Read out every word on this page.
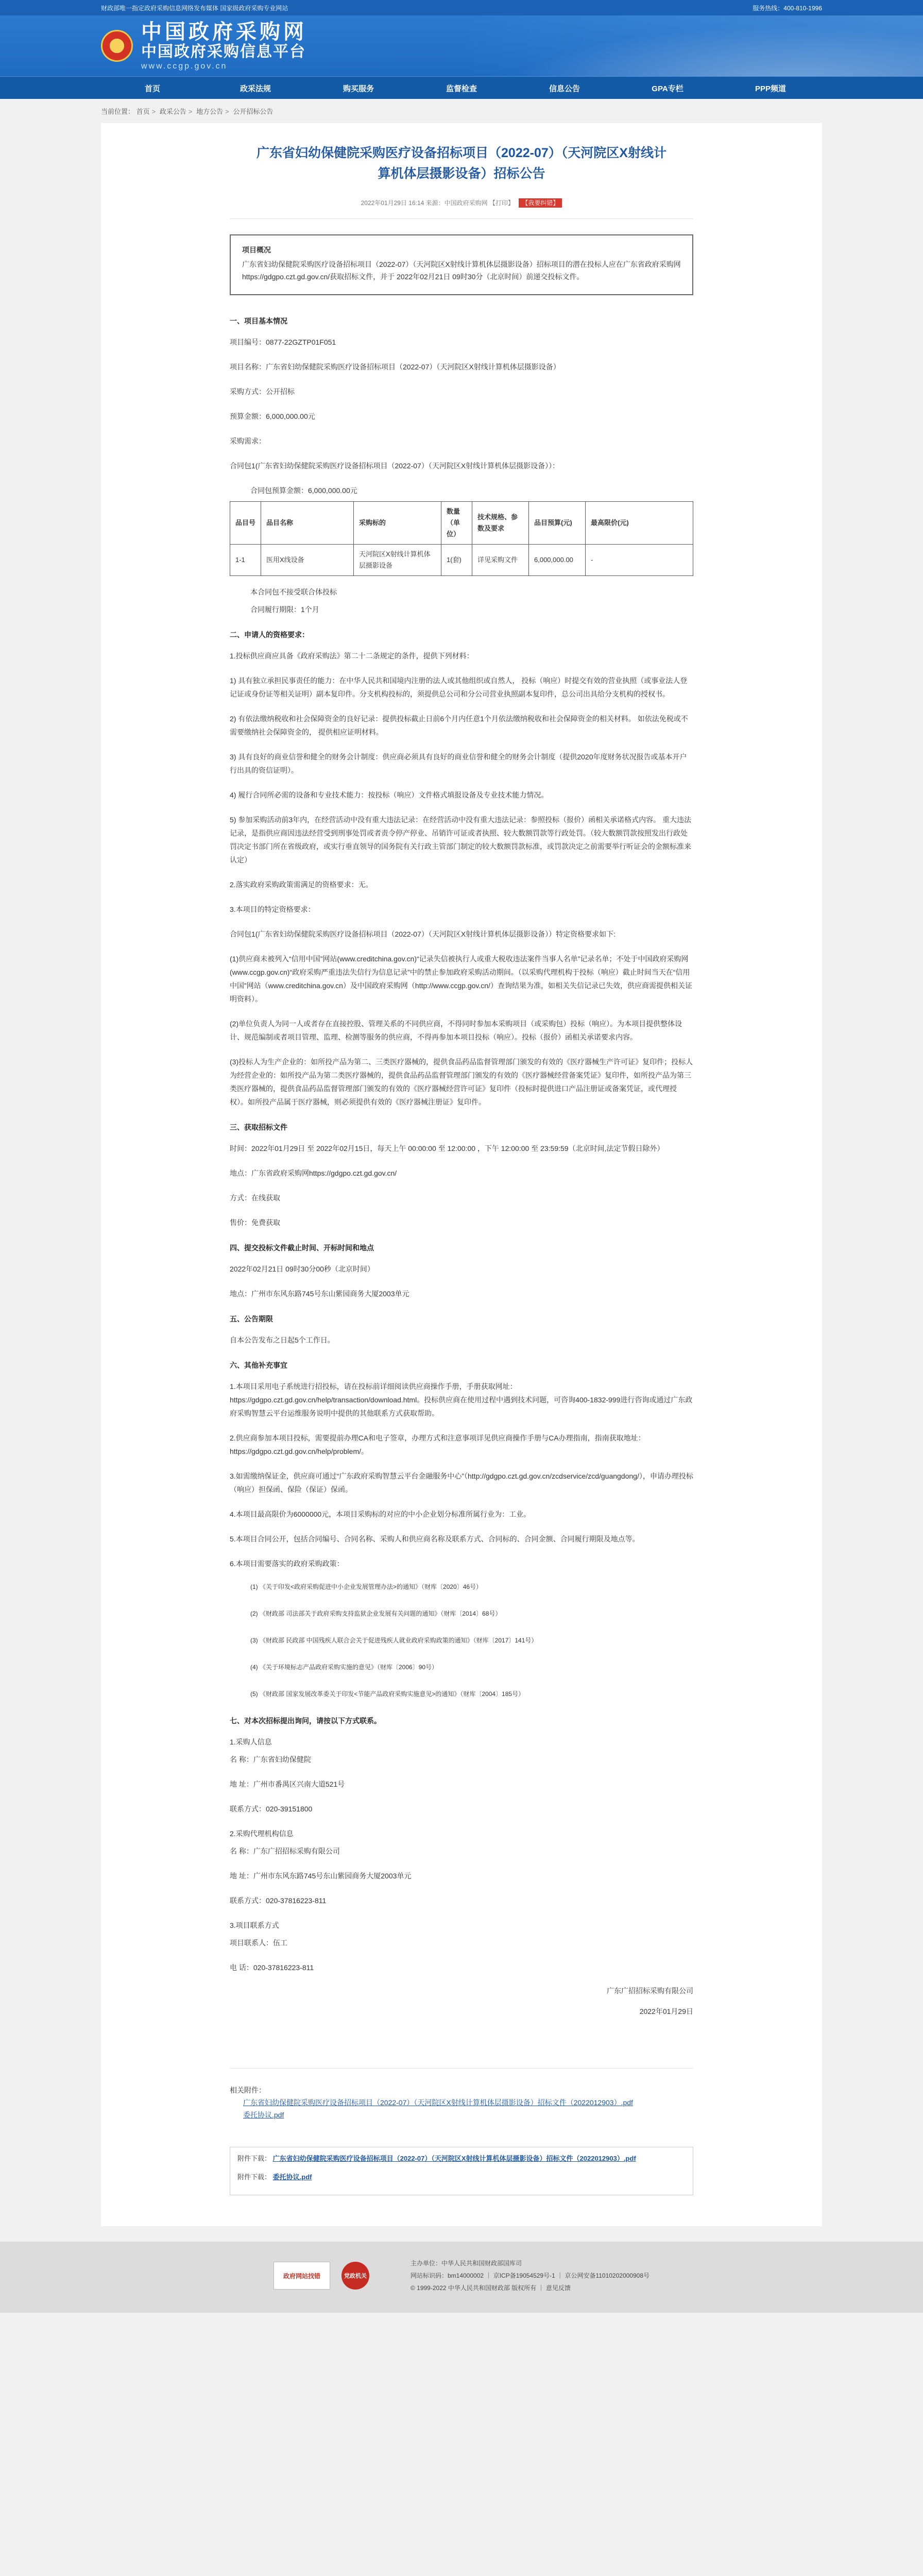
财政部唯一指定政府采购信息网络发布媒体 国家级政府采购专业网站	服务热线：400-810-1996
中国政府采购网
中国政府采购信息平台
www.ccgp.gov.cn
首页	政采法规	购买服务	监督检查	信息公告	GPA专栏	PPP频道
当前位置： 首页 > 政采公告 > 地方公告 > 公开招标公告
广东省妇幼保健院采购医疗设备招标项目（2022-07）（天河院区X射线计算机体层摄影设备）招标公告
2022年01月29日 16:14 来源：中国政府采购网 【打印】 【我要纠错】
项目概况
广东省妇幼保健院采购医疗设备招标项目（2022-07）（天河院区X射线计算机体层摄影设备）招标项目的潜在投标人应在广东省政府采购网https://gdgpo.czt.gd.gov.cn/获取招标文件，并于 2022年02月21日 09时30分（北京时间）前递交投标文件。
一、项目基本情况
项目编号：0877-22GZTP01F051
项目名称：广东省妇幼保健院采购医疗设备招标项目（2022-07）（天河院区X射线计算机体层摄影设备）
采购方式：公开招标
预算金额：6,000,000.00元
采购需求：
合同包1(广东省妇幼保健院采购医疗设备招标项目（2022-07）（天河院区X射线计算机体层摄影设备））：
合同包预算金额：6,000,000.00元
品目号	品目名称	采购标的	数量（单位）	技术规格、参数及要求	品目预算(元)	最高限价(元)
1-1	医用X线设备	天河院区X射线计算机体层摄影设备	1(套)	详见采购文件	6,000,000.00	-
本合同包不接受联合体投标
合同履行期限：1个月
二、申请人的资格要求：
1.投标供应商应具备《政府采购法》第二十二条规定的条件，提供下列材料：
1) 具有独立承担民事责任的能力：在中华人民共和国境内注册的法人或其他组织或自然人， 投标（响应）时提交有效的营业执照（或事业法人登记证或身份证等相关证明）副本复印件。分支机构投标的，须提供总公司和分公司营业执照副本复印件，总公司出具给分支机构的授权书。
2) 有依法缴纳税收和社会保障资金的良好记录：提供投标截止日前6个月内任意1个月依法缴纳税收和社会保障资金的相关材料。 如依法免税或不需要缴纳社会保障资金的， 提供相应证明材料。
3) 具有良好的商业信誉和健全的财务会计制度：供应商必须具有良好的商业信誉和健全的财务会计制度（提供2020年度财务状况报告或基本开户行出具的资信证明）。
4) 履行合同所必需的设备和专业技术能力：按投标（响应）文件格式填报设备及专业技术能力情况。
5) 参加采购活动前3年内，在经营活动中没有重大违法记录：在经营活动中没有重大违法记录：参照投标（报价）函相关承诺格式内容。 重大违法记录，是指供应商因违法经营受到刑事处罚或者责令停产停业、吊销许可证或者执照、较大数额罚款等行政处罚。（较大数额罚款按照发出行政处罚决定书部门所在省级政府，或实行垂直领导的国务院有关行政主管部门制定的较大数额罚款标准，或罚款决定之前需要举行听证会的金额标准来认定）
2.落实政府采购政策需满足的资格要求：无。
3.本项目的特定资格要求：
合同包1(广东省妇幼保健院采购医疗设备招标项目（2022-07）（天河院区X射线计算机体层摄影设备））特定资格要求如下:
(1)供应商未被列入“信用中国”网站(www.creditchina.gov.cn)“记录失信被执行人或重大税收违法案件当事人名单”记录名单；不处于中国政府采购网(www.ccgp.gov.cn)“政府采购严重违法失信行为信息记录”中的禁止参加政府采购活动期间。（以采购代理机构于投标（响应）截止时间当天在“信用中国”网站（www.creditchina.gov.cn）及中国政府采购网（http://www.ccgp.gov.cn/）查询结果为准，如相关失信记录已失效，供应商需提供相关证明资料）。
(2)单位负责人为同一人或者存在直接控股、管理关系的不同供应商，不得同时参加本采购项目（或采购包）投标（响应）。为本项目提供整体设计、规范编制或者项目管理、监理、检测等服务的供应商，不得再参加本项目投标（响应）。投标（报价）函相关承诺要求内容。
(3)投标人为生产企业的：如所投产品为第二、三类医疗器械的，提供食品药品监督管理部门颁发的有效的《医疗器械生产许可证》复印件；投标人为经营企业的：如所投产品为第二类医疗器械的，提供食品药品监督管理部门颁发的有效的《医疗器械经营备案凭证》复印件，如所投产品为第三类医疗器械的，提供食品药品监督管理部门颁发的有效的《医疗器械经营许可证》复印件（投标时提供进口产品注册证或备案凭证，或代理授权）。如所投产品属于医疗器械，则必须提供有效的《医疗器械注册证》复印件。
三、获取招标文件
时间：2022年01月29日 至 2022年02月15日，每天上午 00:00:00 至 12:00:00 ，下午 12:00:00 至 23:59:59（北京时间,法定节假日除外）
地点：广东省政府采购网https://gdgpo.czt.gd.gov.cn/
方式：在线获取
售价：免费获取
四、提交投标文件截止时间、开标时间和地点
2022年02月21日 09时30分00秒（北京时间）
地点：广州市东风东路745号东山紫园商务大厦2003单元
五、公告期限
自本公告发布之日起5个工作日。
六、其他补充事宜
1.本项目采用电子系统进行招投标，请在投标前详细阅读供应商操作手册，手册获取网址：https://gdgpo.czt.gd.gov.cn/help/transaction/download.html。投标供应商在使用过程中遇到技术问题，可咨询400-1832-999进行咨询或通过广东政府采购智慧云平台运维服务说明中提供的其他联系方式获取帮助。
2.供应商参加本项目投标，需要提前办理CA和电子签章，办理方式和注意事项详见供应商操作手册与CA办理指南，指南获取地址：https://gdgpo.czt.gd.gov.cn/help/problem/。
3.如需缴纳保证金，供应商可通过“广东政府采购智慧云平台金融服务中心”（http://gdgpo.czt.gd.gov.cn/zcdservice/zcd/guangdong/），申请办理投标（响应）担保函、保险（保证）保函。
4.本项目最高限价为6000000元，本项目采购标的对应的中小企业划分标准所属行业为：工业。
5.本项目合同公开，包括合同编号、合同名称、采购人和供应商名称及联系方式、合同标的、合同金额、合同履行期限及地点等。
6.本项目需要落实的政府采购政策：
(1) 《关于印发<政府采购促进中小企业发展管理办法>的通知》（财库〔2020〕46号）
(2) 《财政部 司法部关于政府采购支持监狱企业发展有关问题的通知》（财库〔2014〕68号）
(3) 《财政部 民政部 中国残疾人联合会关于促进残疾人就业政府采购政策的通知》（财库〔2017〕141号）
(4) 《关于环境标志产品政府采购实施的意见》（财库〔2006〕90号）
(5) 《财政部 国家发展改革委关于印发<节能产品政府采购实施意见>的通知》（财库〔2004〕185号）
七、对本次招标提出询问，请按以下方式联系。
1.采购人信息
名 称：广东省妇幼保健院
地 址：广州市番禺区兴南大道521号
联系方式：020-39151800
2.采购代理机构信息
名 称：广东广招招标采购有限公司
地 址：广州市东风东路745号东山紫园商务大厦2003单元
联系方式：020-37816223-811
3.项目联系方式
项目联系人：伍工
电 话：020-37816223-811
广东广招招标采购有限公司
2022年01月29日
相关附件：
广东省妇幼保健院采购医疗设备招标项目（2022-07）（天河院区X射线计算机体层摄影设备）招标文件（2022012903）.pdf
委托协议.pdf
附件下载： 广东省妇幼保健院采购医疗设备招标项目（2022-07）（天河院区X射线计算机体层摄影设备）招标文件（2022012903）.pdf
附件下载： 委托协议.pdf
政府网站找错	党政机关
主办单位：中华人民共和国财政部国库司
网站标识码：bm14000002 ｜ 京ICP备19054529号-1 ｜ 京公网安备11010202000908号
© 1999-2022 中华人民共和国财政部 版权所有 ｜ 意见反馈
